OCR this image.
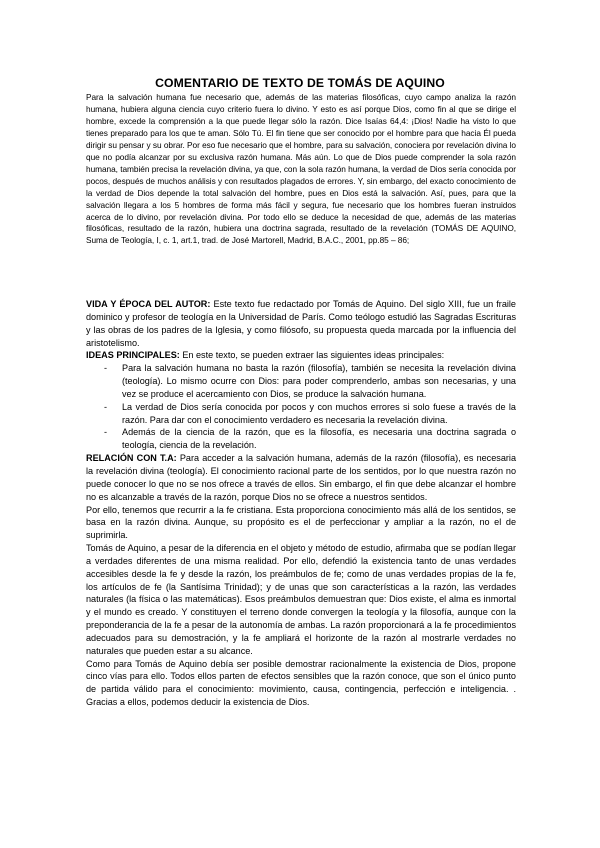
COMENTARIO DE TEXTO DE TOMÁS DE AQUINO
Para la salvación humana fue necesario que, además de las materias filosóficas, cuyo campo analiza la razón humana, hubiera alguna ciencia cuyo criterio fuera lo divino. Y esto es así porque Dios, como fin al que se dirige el hombre, excede la comprensión a la que puede llegar sólo la razón. Dice Isaías 64,4: ¡Dios! Nadie ha visto lo que tienes preparado para los que te aman. Sólo Tú. El fin tiene que ser conocido por el hombre para que hacia Él pueda dirigir su pensar y su obrar. Por eso fue necesario que el hombre, para su salvación, conociera por revelación divina lo que no podía alcanzar por su exclusiva razón humana. Más aún. Lo que de Dios puede comprender la sola razón humana, también precisa la revelación divina, ya que, con la sola razón humana, la verdad de Dios sería conocida por pocos, después de muchos análisis y con resultados plagados de errores. Y, sin embargo, del exacto conocimiento de la verdad de Dios depende la total salvación del hombre, pues en Dios está la salvación. Así, pues, para que la salvación llegara a los 5 hombres de forma más fácil y segura, fue necesario que los hombres fueran instruidos acerca de lo divino, por revelación divina. Por todo ello se deduce la necesidad de que, además de las materias filosóficas, resultado de la razón, hubiera una doctrina sagrada, resultado de la revelación (TOMÁS DE AQUINO, Suma de Teología, I, c. 1, art.1, trad. de José Martorell, Madrid, B.A.C., 2001, pp.85 – 86;

VIDA Y ÉPOCA DEL AUTOR: Este texto fue redactado por Tomás de Aquino. Del siglo XIII, fue un fraile dominico y profesor de teología en la Universidad de París. Como teólogo estudió las Sagradas Escrituras y las obras de los padres de la Iglesia, y como filósofo, su propuesta queda marcada por la influencia del aristotelismo.

IDEAS PRINCIPALES: En este texto, se pueden extraer las siguientes ideas principales:

- Para la salvación humana no basta la razón (filosofía), también se necesita la revelación divina (teología). Lo mismo ocurre con Dios: para poder comprenderlo, ambas son necesarias, y una vez se produce el acercamiento con Dios, se produce la salvación humana.
- La verdad de Dios sería conocida por pocos y con muchos errores si solo fuese a través de la razón. Para dar con el conocimiento verdadero es necesaria la revelación divina.
- Además de la ciencia de la razón, que es la filosofía, es necesaria una doctrina sagrada o teología, ciencia de la revelación.

RELACIÓN CON T.A: Para acceder a la salvación humana, además de la razón (filosofía), es necesaria la revelación divina (teología). El conocimiento racional parte de los sentidos, por lo que nuestra razón no puede conocer lo que no se nos ofrece a través de ellos. Sin embargo, el fin que debe alcanzar el hombre no es alcanzable a través de la razón, porque Dios no se ofrece a nuestros sentidos.

Por ello, tenemos que recurrir a la fe cristiana. Esta proporciona conocimiento más allá de los sentidos, se basa en la razón divina. Aunque, su propósito es el de perfeccionar y ampliar a la razón, no el de suprimirla.

Tomás de Aquino, a pesar de la diferencia en el objeto y método de estudio, afirmaba que se podían llegar a verdades diferentes de una misma realidad. Por ello, defendió la existencia tanto de unas verdades accesibles desde la fe y desde la razón, los preámbulos de fe; como de unas verdades propias de la fe, los artículos de fe (la Santísima Trinidad); y de unas que son características a la razón, las verdades naturales (la física o las matemáticas). Esos preámbulos demuestran que: Dios existe, el alma es inmortal y el mundo es creado. Y constituyen el terreno donde convergen la teología y la filosofía, aunque con la preponderancia de la fe a pesar de la autonomía de ambas. La razón proporcionará a la fe procedimientos adecuados para su demostración, y la fe ampliará el horizonte de la razón al mostrarle verdades no naturales que pueden estar a su alcance.

Como para Tomás de Aquino debía ser posible demostrar racionalmente la existencia de Dios, propone cinco vías para ello. Todos ellos parten de efectos sensibles que la razón conoce, que son el único punto de partida válido para el conocimiento: movimiento, causa, contingencia, perfección e inteligencia. . Gracias a ellos, podemos deducir la existencia de Dios.
